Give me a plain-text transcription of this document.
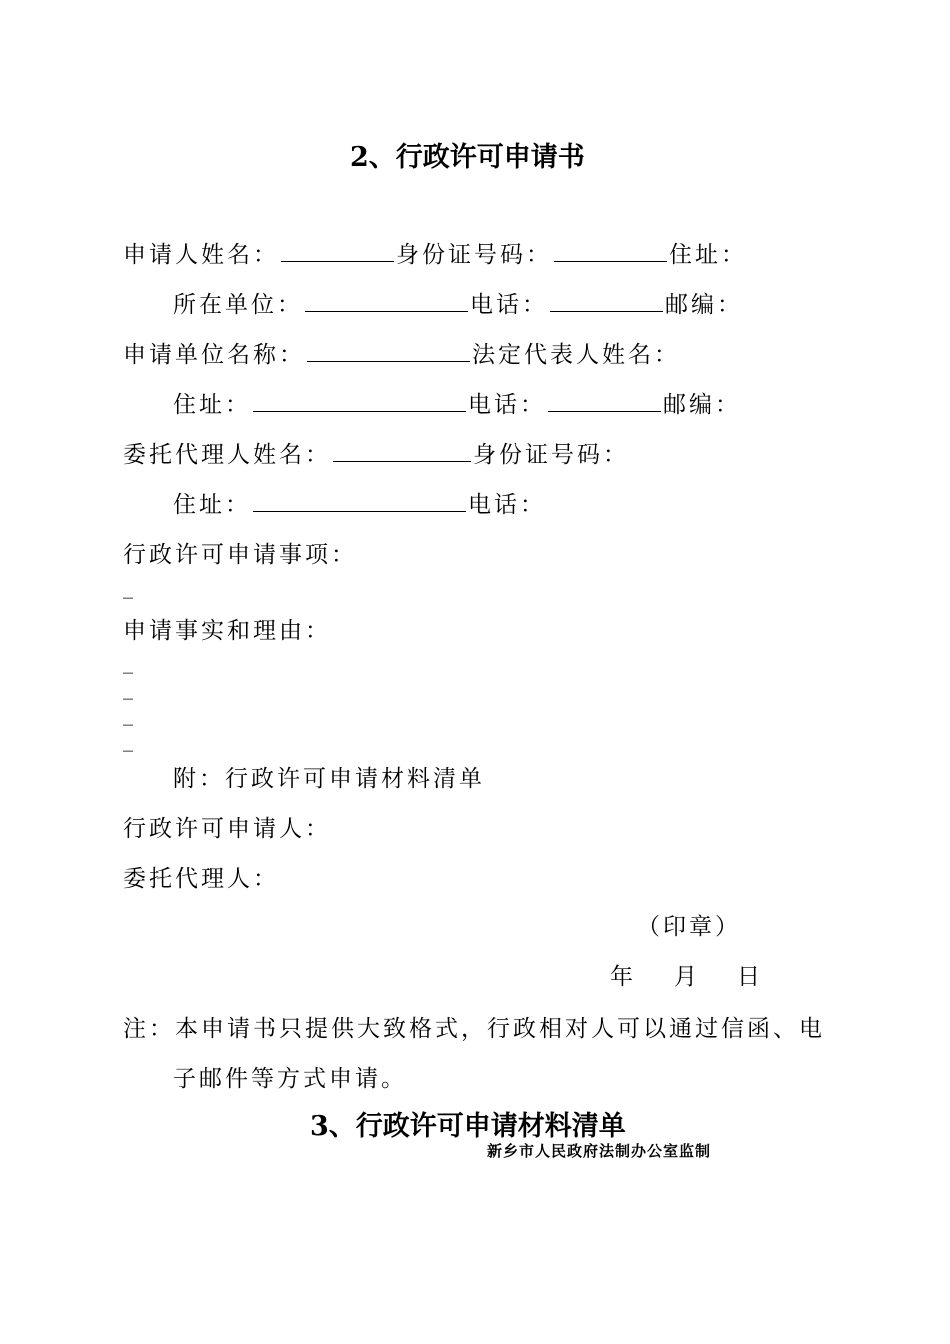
2、行政许可申请书
申请人姓名：	身份证号码：	住址：
所在单位：	电话：	邮编：
申请单位名称：	法定代表人姓名：
住址：	电话：	邮编：
委托代理人姓名：	身份证号码：
住址：	电话：
行政许可申请事项：
_
申请事实和理由：
_
_
_
_
附：行政许可申请材料清单
行政许可申请人：
委托代理人：
（印章）
年 月 日
注：本申请书只提供大致格式，行政相对人可以通过信函、电
子邮件等方式申请。
3、行政许可申请材料清单
新乡市人民政府法制办公室监制
